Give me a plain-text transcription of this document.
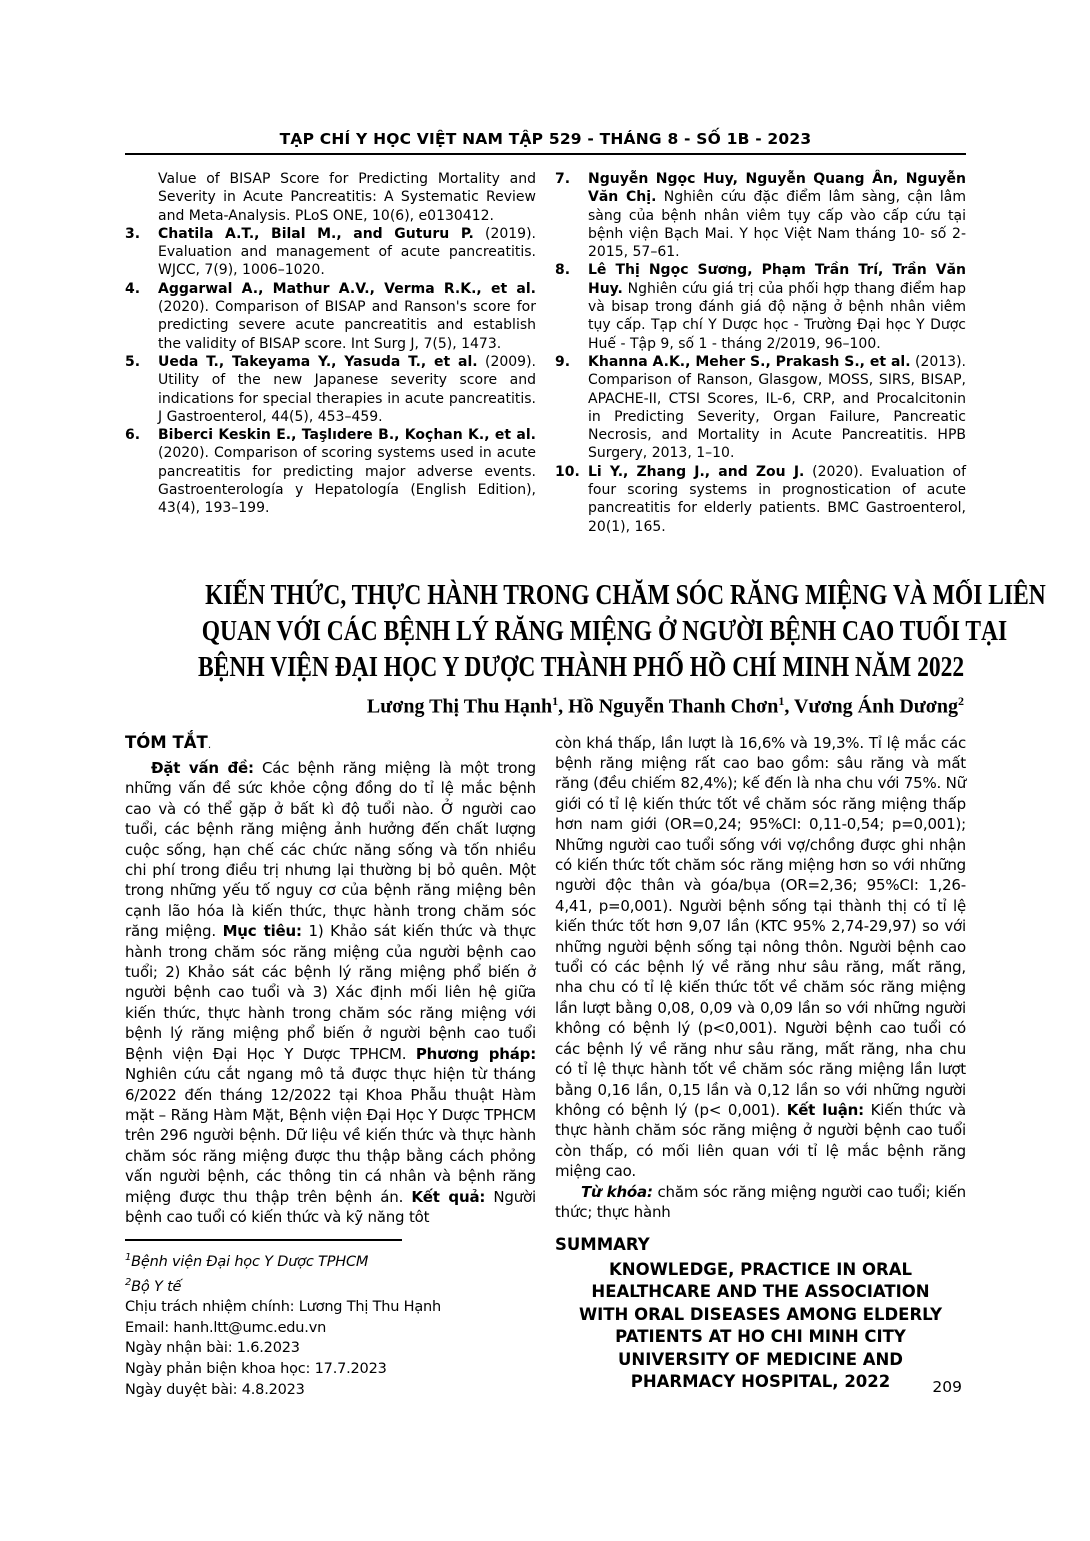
TẠP CHÍ Y HỌC VIỆT NAM TẬP 529 - THÁNG 8 - SỐ 1B - 2023
Value of BISAP Score for Predicting Mortality and Severity in Acute Pancreatitis: A Systematic Review and Meta-Analysis. PLoS ONE, 10(6), e0130412.
3. Chatila A.T., Bilal M., and Guturu P. (2019). Evaluation and management of acute pancreatitis. WJCC, 7(9), 1006–1020.
4. Aggarwal A., Mathur A.V., Verma R.K., et al. (2020). Comparison of BISAP and Ranson's score for predicting severe acute pancreatitis and establish the validity of BISAP score. Int Surg J, 7(5), 1473.
5. Ueda T., Takeyama Y., Yasuda T., et al. (2009). Utility of the new Japanese severity score and indications for special therapies in acute pancreatitis. J Gastroenterol, 44(5), 453–459.
6. Biberci Keskin E., Taşlıdere B., Koçhan K., et al. (2020). Comparison of scoring systems used in acute pancreatitis for predicting major adverse events. Gastroenterología y Hepatología (English Edition), 43(4), 193–199.
7. Nguyễn Ngọc Huy, Nguyễn Quang Ân, Nguyễn Văn Chị. Nghiên cứu đặc điểm lâm sàng, cận lâm sàng của bệnh nhân viêm tụy cấp vào cấp cứu tại bệnh viện Bạch Mai. Y học Việt Nam tháng 10- số 2- 2015, 57–61.
8. Lê Thị Ngọc Sương, Phạm Trần Trí, Trần Văn Huy. Nghiên cứu giá trị của phối hợp thang điểm hap và bisap trong đánh giá độ nặng ở bệnh nhân viêm tụy cấp. Tạp chí Y Dược học - Trường Đại học Y Dược Huế - Tập 9, số 1 - tháng 2/2019, 96–100.
9. Khanna A.K., Meher S., Prakash S., et al. (2013). Comparison of Ranson, Glasgow, MOSS, SIRS, BISAP, APACHE-II, CTSI Scores, IL-6, CRP, and Procalcitonin in Predicting Severity, Organ Failure, Pancreatic Necrosis, and Mortality in Acute Pancreatitis. HPB Surgery, 2013, 1–10.
10. Li Y., Zhang J., and Zou J. (2020). Evaluation of four scoring systems in prognostication of acute pancreatitis for elderly patients. BMC Gastroenterol, 20(1), 165.
KIẾN THỨC, THỰC HÀNH TRONG CHĂM SÓC RĂNG MIỆNG VÀ MỐI LIÊN
QUAN VỚI CÁC BỆNH LÝ RĂNG MIỆNG Ở NGƯỜI BỆNH CAO TUỔI TẠI
BỆNH VIỆN ĐẠI HỌC Y DƯỢC THÀNH PHỐ HỒ CHÍ MINH NĂM 2022
Lương Thị Thu Hạnh$^1$, Hồ Nguyễn Thanh Chơn$^1$, Vương Ánh Dương$^2$
TÓM TẮT.

Đặt vấn đề: Các bệnh răng miệng là một trong những vấn đề sức khỏe cộng đồng do tỉ lệ mắc bệnh cao và có thể gặp ở bất kì độ tuổi nào. Ở người cao tuổi, các bệnh răng miệng ảnh hưởng đến chất lượng cuộc sống, hạn chế các chức năng sống và tốn nhiều chi phí trong điều trị nhưng lại thường bị bỏ quên. Một trong những yếu tố nguy cơ của bệnh răng miệng bên cạnh lão hóa là kiến thức, thực hành trong chăm sóc răng miệng. Mục tiêu: 1) Khảo sát kiến thức và thực hành trong chăm sóc răng miệng của người bệnh cao tuổi; 2) Khảo sát các bệnh lý răng miệng phổ biến ở người bệnh cao tuổi và 3) Xác định mối liên hệ giữa kiến thức, thực hành trong chăm sóc răng miệng với bệnh lý răng miệng phổ biến ở người bệnh cao tuổi Bệnh viện Đại Học Y Dược TPHCM. Phương pháp: Nghiên cứu cắt ngang mô tả được thực hiện từ tháng 6/2022 đến tháng 12/2022 tại Khoa Phẫu thuật Hàm mặt – Răng Hàm Mặt, Bệnh viện Đại Học Y Dược TPHCM trên 296 người bệnh. Dữ liệu về kiến thức và thực hành chăm sóc răng miệng được thu thập bằng cách phỏng vấn người bệnh, các thông tin cá nhân và bệnh răng miệng được thu thập trên bệnh án. Kết quả: Người bệnh cao tuổi có kiến thức và kỹ năng tôt

$^1$Bệnh viện Đại học Y Dược TPHCM
$^2$Bộ Y tế
Chịu trách nhiệm chính: Lương Thị Thu Hạnh
Email: hanh.ltt@umc.edu.vn
Ngày nhận bài: 1.6.2023
Ngày phản biện khoa học: 17.7.2023
Ngày duyệt bài: 4.8.2023

còn khá thấp, lần lượt là 16,6% và 19,3%. Tỉ lệ mắc các bệnh răng miệng rất cao bao gồm: sâu răng và mất răng (đều chiếm 82,4%); kế đến là nha chu với 75%. Nữ giới có tỉ lệ kiến thức tốt về chăm sóc răng miệng thấp hơn nam giới (OR=0,24; 95%CI: 0,11-0,54; p=0,001); Những người cao tuổi sống với vợ/chồng được ghi nhận có kiến thức tốt chăm sóc răng miệng hơn so với những người độc thân và góa/bụa (OR=2,36; 95%CI: 1,26-4,41, p=0,001). Người bệnh sống tại thành thị có tỉ lệ kiến thức tốt hơn 9,07 lần (KTC 95% 2,74-29,97) so với những người bệnh sống tại nông thôn. Người bệnh cao tuổi có các bệnh lý về răng như sâu răng, mất răng, nha chu có tỉ lệ kiến thức tốt về chăm sóc răng miệng lần lượt bằng 0,08, 0,09 và 0,09 lần so với những người không có bệnh lý (p<0,001). Người bệnh cao tuổi có các bệnh lý về răng như sâu răng, mất răng, nha chu có tỉ lệ thực hành tốt về chăm sóc răng miệng lần lượt bằng 0,16 lần, 0,15 lần và 0,12 lần so với những người không có bệnh lý (p< 0,001). Kết luận: Kiến thức và thực hành chăm sóc răng miệng ở người bệnh cao tuổi còn thấp, có mối liên quan với tỉ lệ mắc bệnh răng miệng cao.

Từ khóa: chăm sóc răng miệng người cao tuổi; kiến thức; thực hành

SUMMARY
KNOWLEDGE, PRACTICE IN ORAL
HEALTHCARE AND THE ASSOCIATION
WITH ORAL DISEASES AMONG ELDERLY
PATIENTS AT HO CHI MINH CITY
UNIVERSITY OF MEDICINE AND
PHARMACY HOSPITAL, 2022	209
